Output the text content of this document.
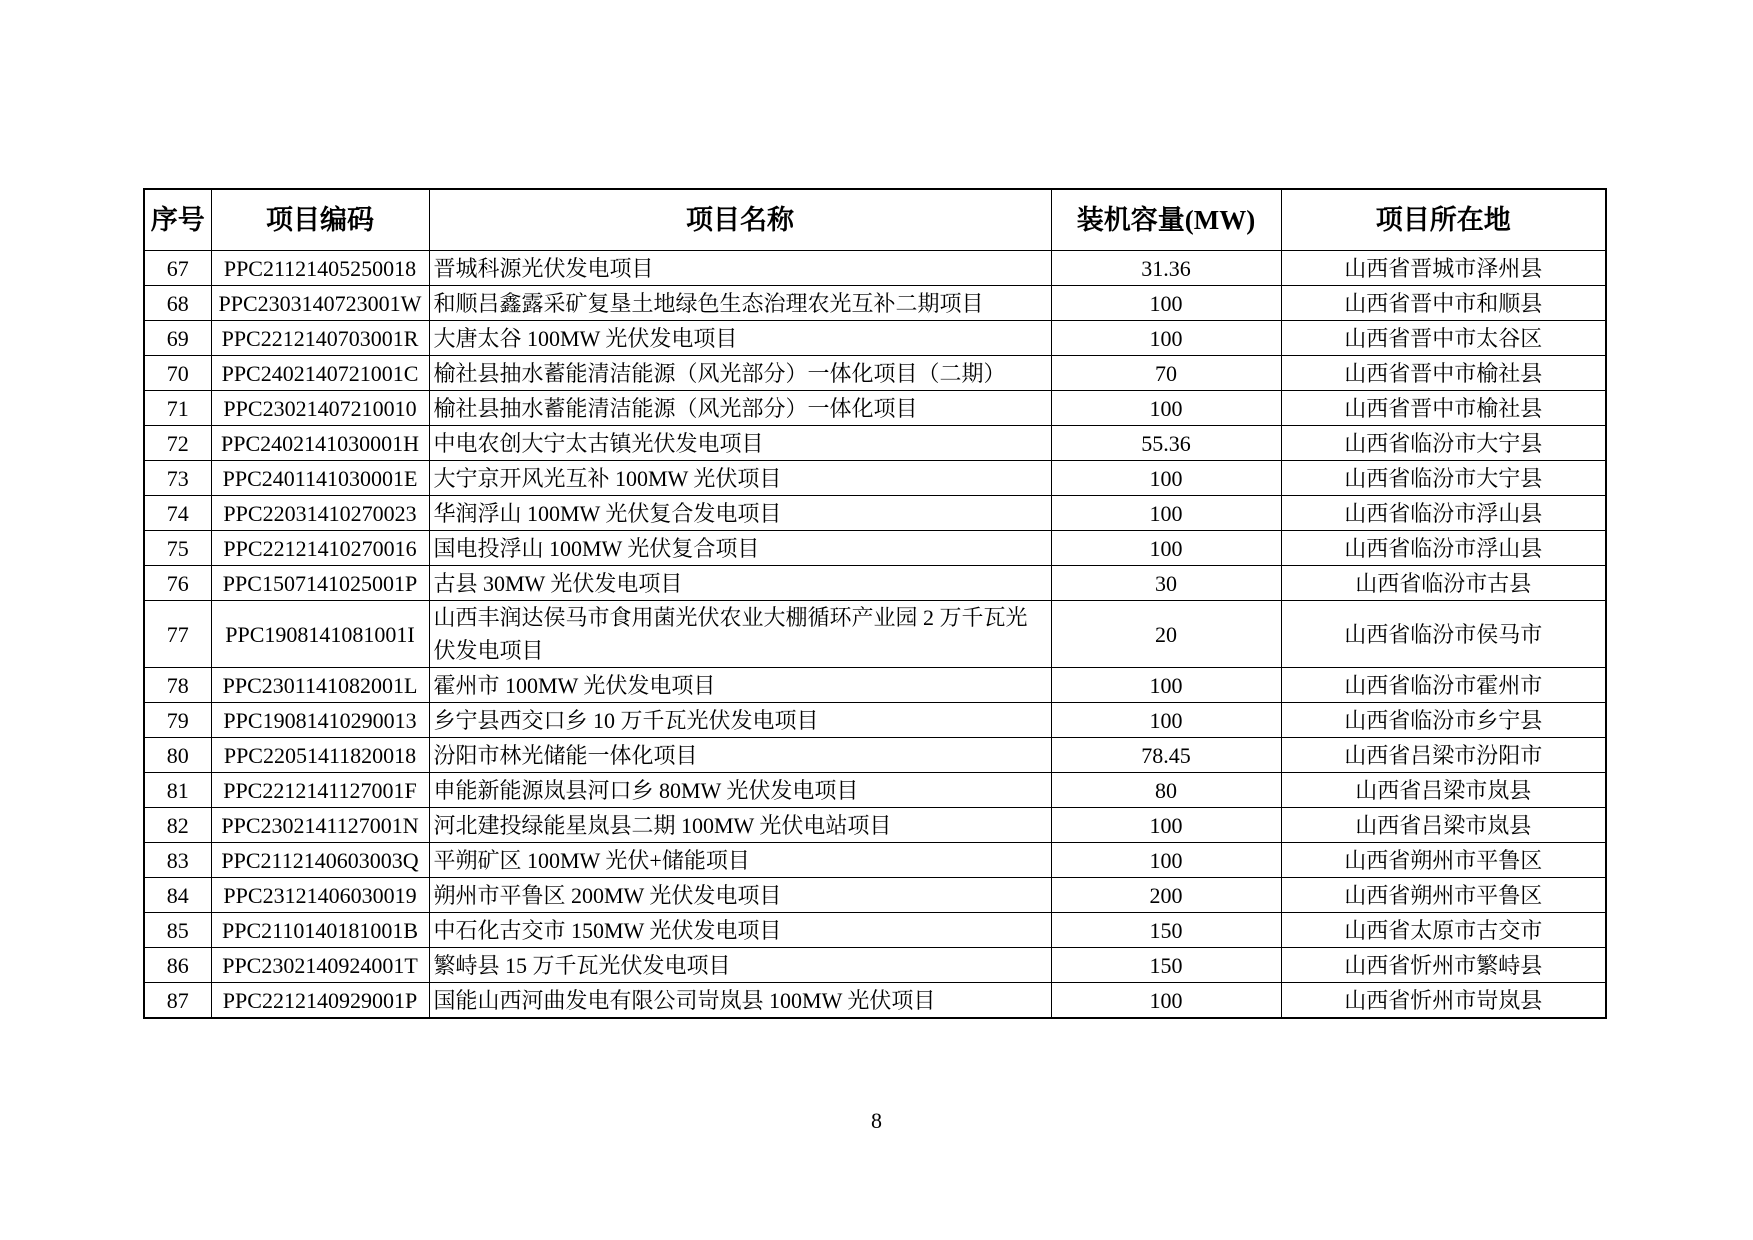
序号	项目编码	项目名称	装机容量(MW)	项目所在地
67	PPC21121405250018	晋城科源光伏发电项目	31.36	山西省晋城市泽州县
68	PPC2303140723001W	和顺吕鑫露采矿复垦土地绿色生态治理农光互补二期项目	100	山西省晋中市和顺县
69	PPC2212140703001R	大唐太谷 100MW 光伏发电项目	100	山西省晋中市太谷区
70	PPC2402140721001C	榆社县抽水蓄能清洁能源（风光部分）一体化项目（二期）	70	山西省晋中市榆社县
71	PPC23021407210010	榆社县抽水蓄能清洁能源（风光部分）一体化项目	100	山西省晋中市榆社县
72	PPC2402141030001H	中电农创大宁太古镇光伏发电项目	55.36	山西省临汾市大宁县
73	PPC2401141030001E	大宁京开风光互补 100MW 光伏项目	100	山西省临汾市大宁县
74	PPC22031410270023	华润浮山 100MW 光伏复合发电项目	100	山西省临汾市浮山县
75	PPC22121410270016	国电投浮山 100MW 光伏复合项目	100	山西省临汾市浮山县
76	PPC1507141025001P	古县 30MW 光伏发电项目	30	山西省临汾市古县
77	PPC1908141081001I	山西丰润达侯马市食用菌光伏农业大棚循环产业园 2 万千瓦光伏发电项目	20	山西省临汾市侯马市
78	PPC2301141082001L	霍州市 100MW 光伏发电项目	100	山西省临汾市霍州市
79	PPC19081410290013	乡宁县西交口乡 10 万千瓦光伏发电项目	100	山西省临汾市乡宁县
80	PPC22051411820018	汾阳市林光储能一体化项目	78.45	山西省吕梁市汾阳市
81	PPC2212141127001F	申能新能源岚县河口乡 80MW 光伏发电项目	80	山西省吕梁市岚县
82	PPC2302141127001N	河北建投绿能星岚县二期 100MW 光伏电站项目	100	山西省吕梁市岚县
83	PPC2112140603003Q	平朔矿区 100MW 光伏+储能项目	100	山西省朔州市平鲁区
84	PPC23121406030019	朔州市平鲁区 200MW 光伏发电项目	200	山西省朔州市平鲁区
85	PPC2110140181001B	中石化古交市 150MW 光伏发电项目	150	山西省太原市古交市
86	PPC2302140924001T	繁峙县 15 万千瓦光伏发电项目	150	山西省忻州市繁峙县
87	PPC2212140929001P	国能山西河曲发电有限公司岢岚县 100MW 光伏项目	100	山西省忻州市岢岚县
8
